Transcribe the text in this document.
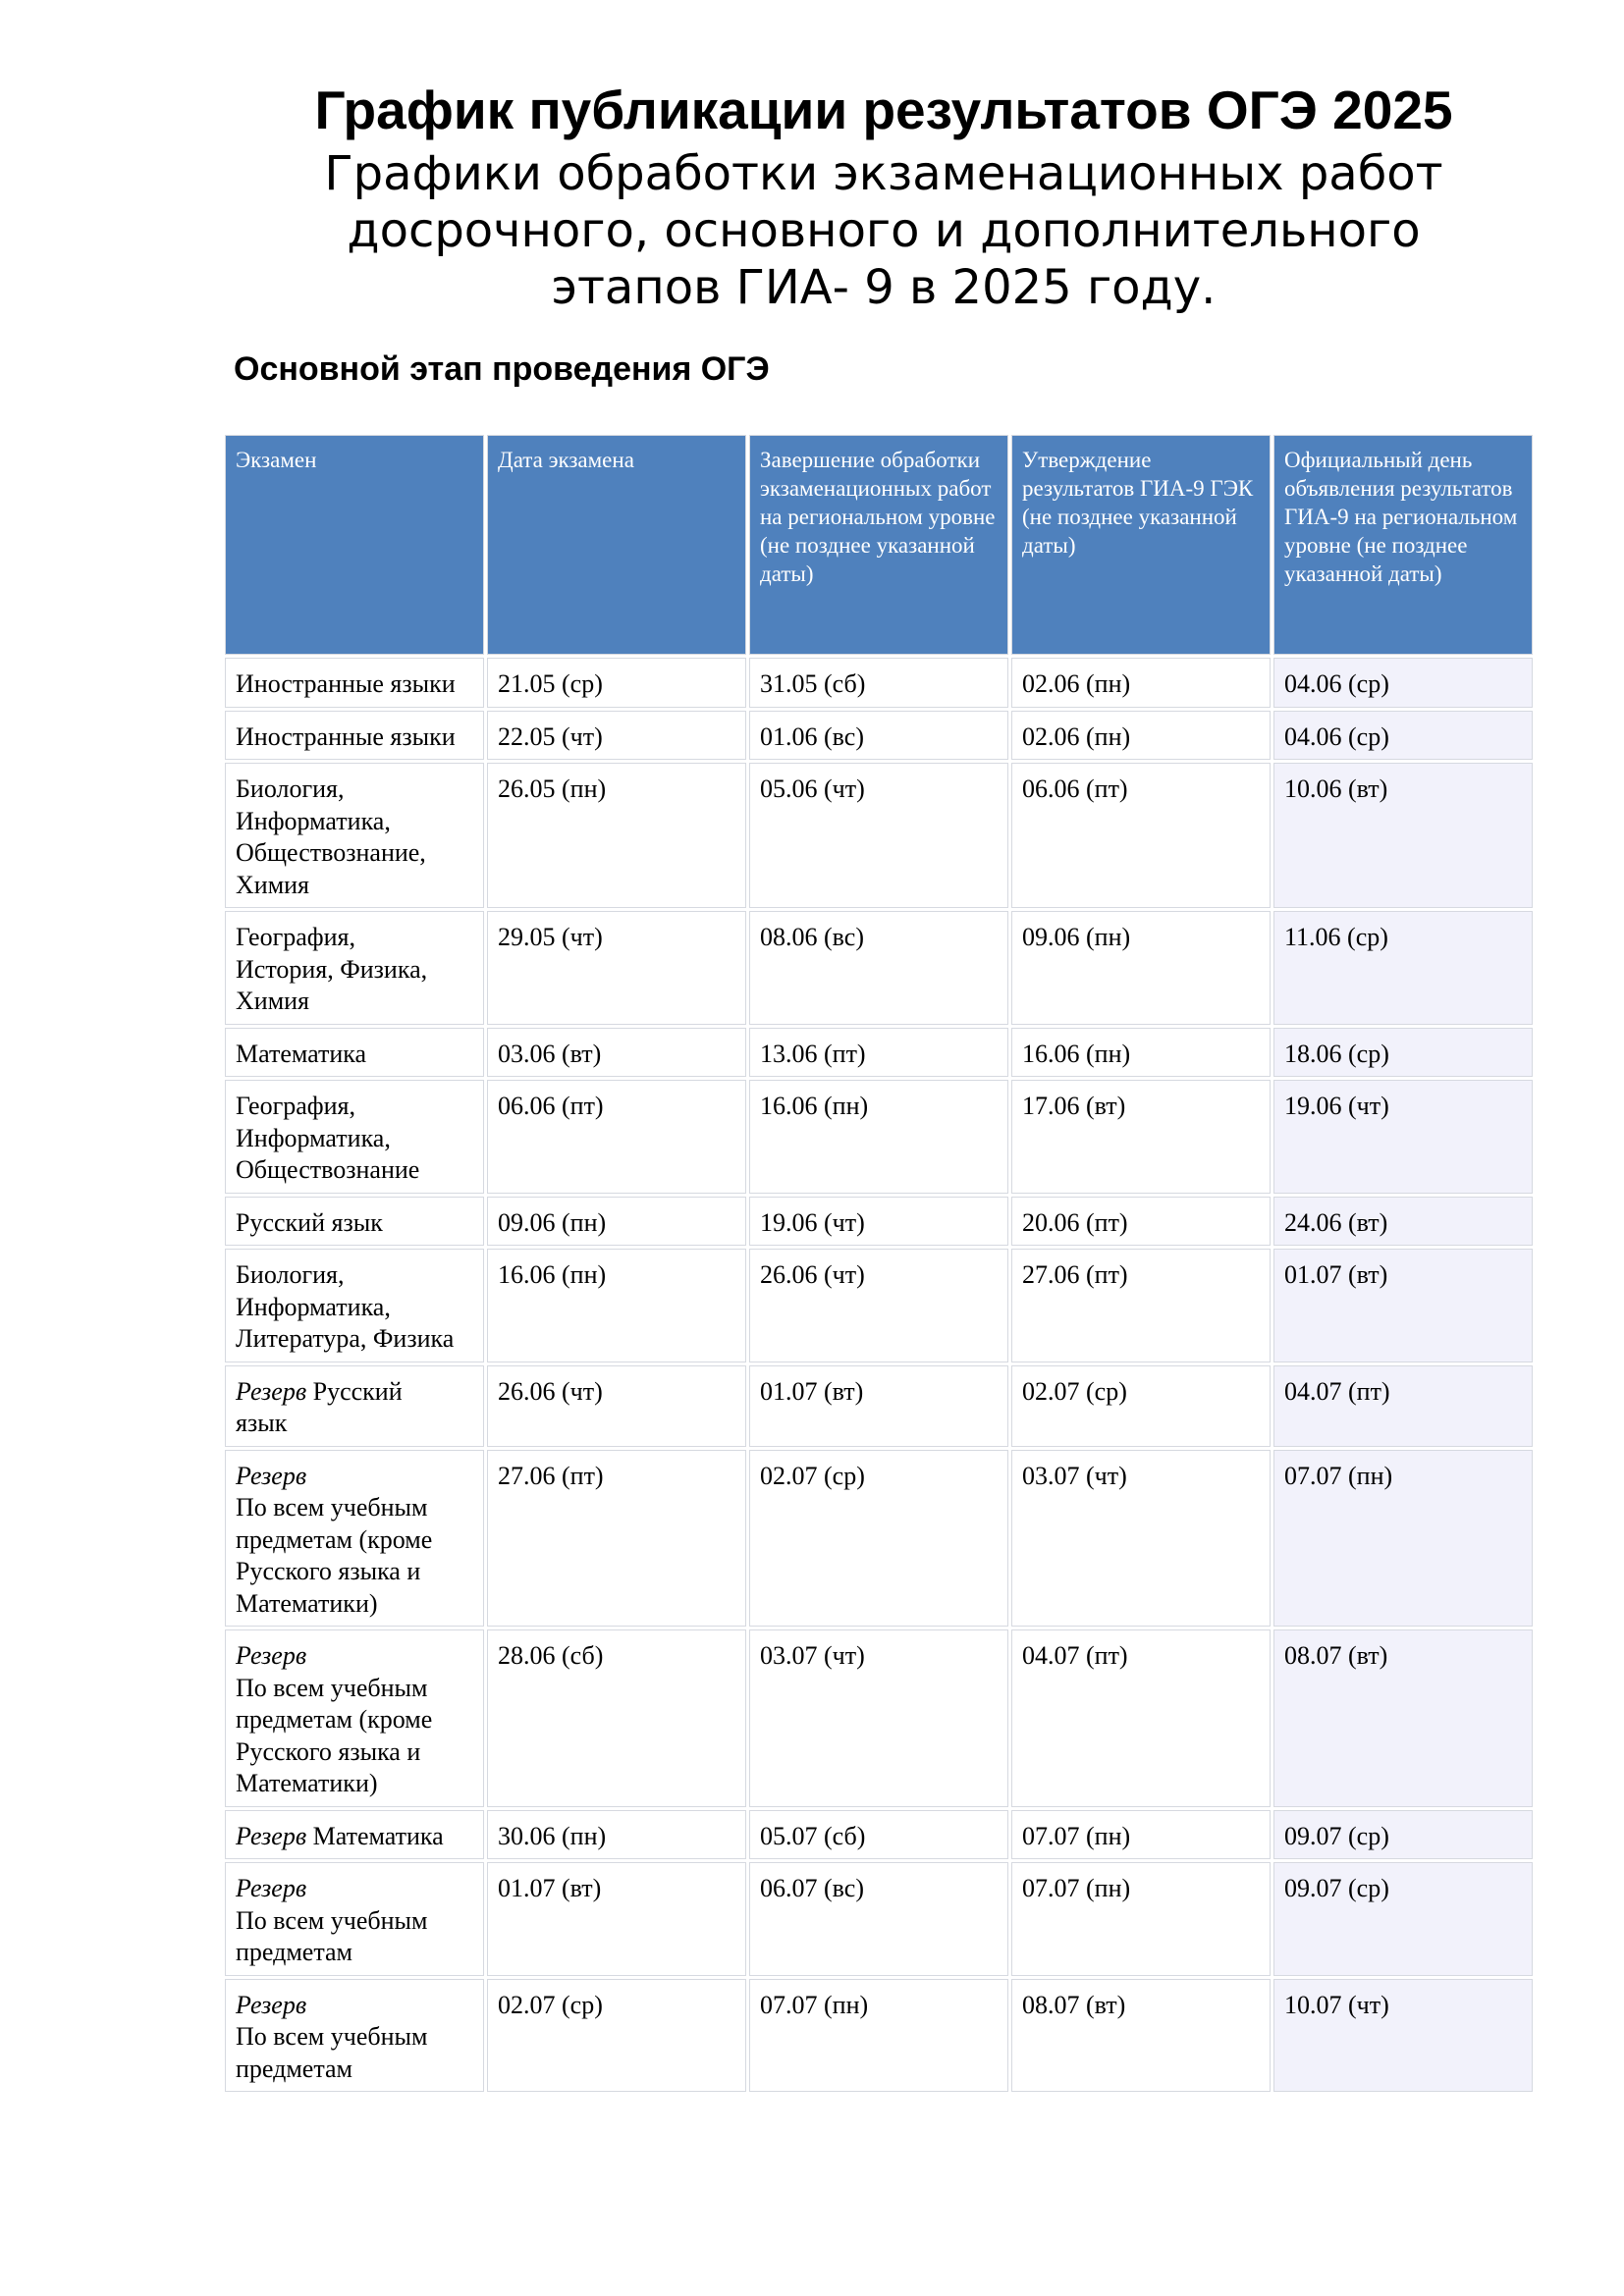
График публикации результатов ОГЭ 2025
Графики обработки экзаменационных работ
досрочного, основного и дополнительного
этапов ГИА- 9 в 2025 году.
Основной этап проведения ОГЭ
Экзамен	Дата экзамена	Завершение обработки экзаменационных работ на региональном уровне (не позднее указанной даты)	Утверждение результатов ГИА-9 ГЭК (не позднее указанной даты)	Официальный день объявления результатов ГИА-9 на региональном уровне (не позднее указанной даты)
Иностранные языки	21.05 (ср)	31.05 (сб)	02.06 (пн)	04.06 (ср)
Иностранные языки	22.05 (чт)	01.06 (вс)	02.06 (пн)	04.06 (ср)
Биология,
Информатика,
Обществознание,
Химия	26.05 (пн)	05.06 (чт)	06.06 (пт)	10.06 (вт)
География,
История, Физика,
Химия	29.05 (чт)	08.06 (вс)	09.06 (пн)	11.06 (ср)
Математика	03.06 (вт)	13.06 (пт)	16.06 (пн)	18.06 (ср)
География,
Информатика,
Обществознание	06.06 (пт)	16.06 (пн)	17.06 (вт)	19.06 (чт)
Русский язык	09.06 (пн)	19.06 (чт)	20.06 (пт)	24.06 (вт)
Биология,
Информатика,
Литература, Физика	16.06 (пн)	26.06 (чт)	27.06 (пт)	01.07 (вт)
Резерв Русский
язык	26.06 (чт)	01.07 (вт)	02.07 (ср)	04.07 (пт)
Резерв
По всем учебным
предметам (кроме
Русского языка и
Математики)	27.06 (пт)	02.07 (ср)	03.07 (чт)	07.07 (пн)
Резерв
По всем учебным
предметам (кроме
Русского языка и
Математики)	28.06 (сб)	03.07 (чт)	04.07 (пт)	08.07 (вт)
Резерв Математика	30.06 (пн)	05.07 (сб)	07.07 (пн)	09.07 (ср)
Резерв
По всем учебным
предметам	01.07 (вт)	06.07 (вс)	07.07 (пн)	09.07 (ср)
Резерв
По всем учебным
предметам	02.07 (ср)	07.07 (пн)	08.07 (вт)	10.07 (чт)
